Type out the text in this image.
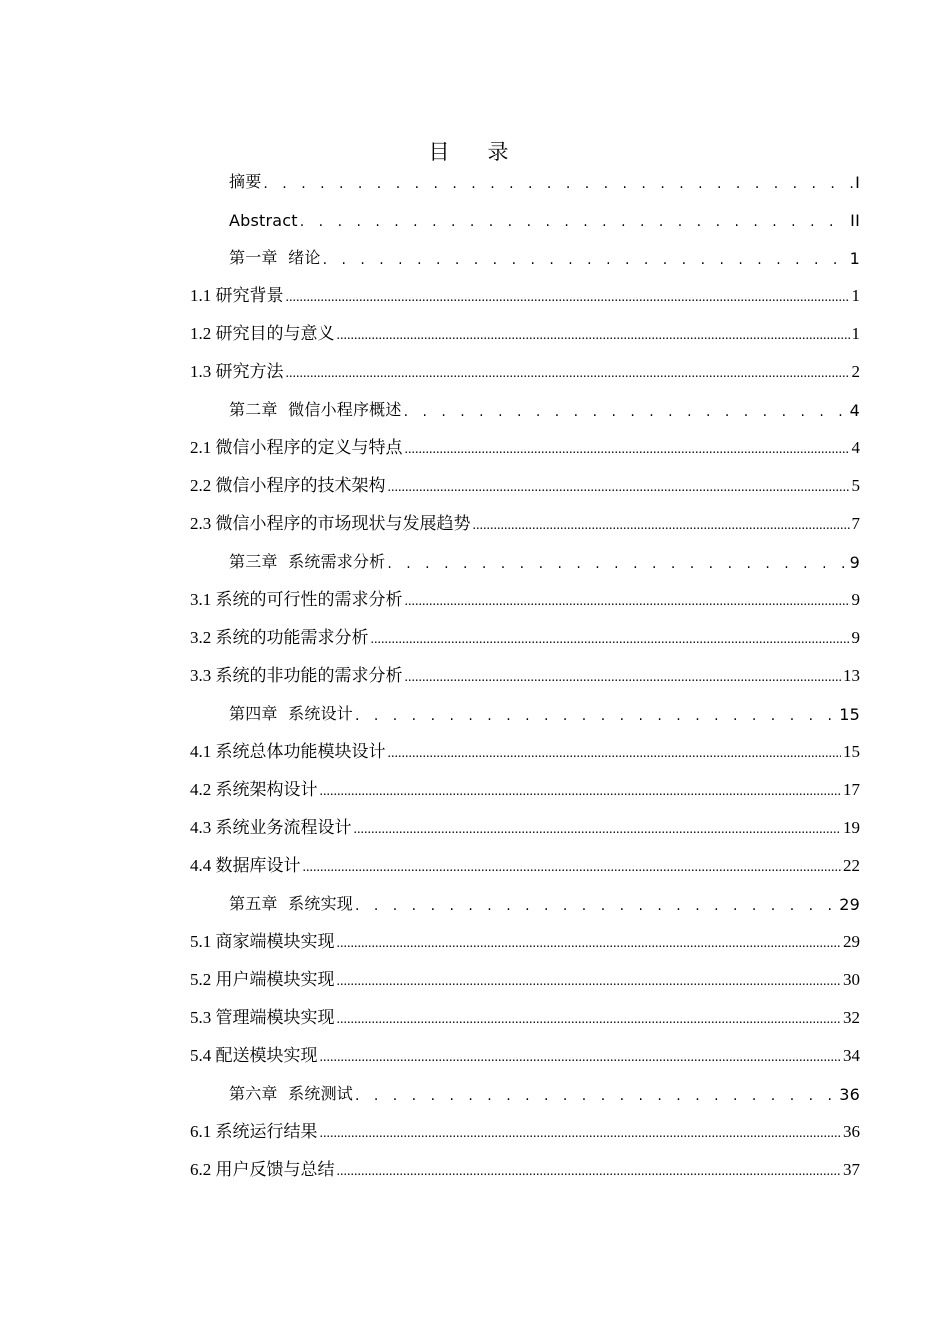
目录
摘要 . . .	I
Abstract . . .	II
第一章  绪论 . . .	1
1.1 研究背景 .....	1
1.2 研究目的与意义 .....	1
1.3 研究方法 .....	2
第二章  微信小程序概述 . . .	4
2.1 微信小程序的定义与特点 .....	4
2.2 微信小程序的技术架构 .....	5
2.3 微信小程序的市场现状与发展趋势 .....	7
第三章  系统需求分析 . . .	9
3.1 系统的可行性的需求分析 .....	9
3.2 系统的功能需求分析 .....	9
3.3 系统的非功能的需求分析 .....	13
第四章  系统设计 . . .	15
4.1 系统总体功能模块设计 .....	15
4.2 系统架构设计 .....	17
4.3 系统业务流程设计 .....	19
4.4 数据库设计 .....	22
第五章  系统实现 . . .	29
5.1 商家端模块实现 .....	29
5.2 用户端模块实现 .....	30
5.3 管理端模块实现 .....	32
5.4 配送模块实现 .....	34
第六章  系统测试 . . .	36
6.1 系统运行结果 .....	36
6.2 用户反馈与总结 .....	37
